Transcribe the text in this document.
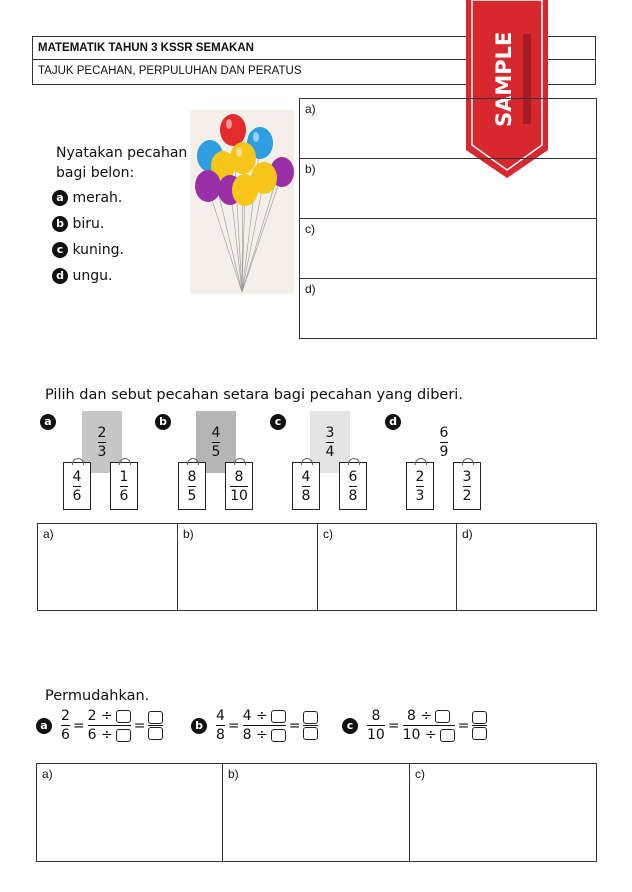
MATEMATIK TAHUN 3 KSSR SEMAKAN
TAJUK PECAHAN, PERPULUHAN DAN PERATUS	SAMPLE
Nyatakan pecahan bagi belon:
a merah.
b biru.
c kuning.
d ungu.
a)
b)
c)
d)
Pilih dan sebut pecahan setara bagi pecahan yang diberi.
a
$\frac{2}{3}$
$\frac{4}{6}$	$\frac{1}{6}$
b
$\frac{4}{5}$
$\frac{8}{5} \frac{8}{10}$
c
$\frac{3}{4}$
$\frac{4}{8}$	$\frac{6}{8}$
d
$\frac{6}{9}$
$\frac{2}{3}$	$\frac{3}{2}$
a)	b)	c)	d)
Permudahkan.
a $\frac{2}{6} = \frac{2 \div}{6 \div}$ =	b $\frac{4}{8} = \frac{4 \div}{8 \div}$ =	c $\frac{8}{10} = \frac{8 \div}{10 \div}$ =
a)	b)	c)
